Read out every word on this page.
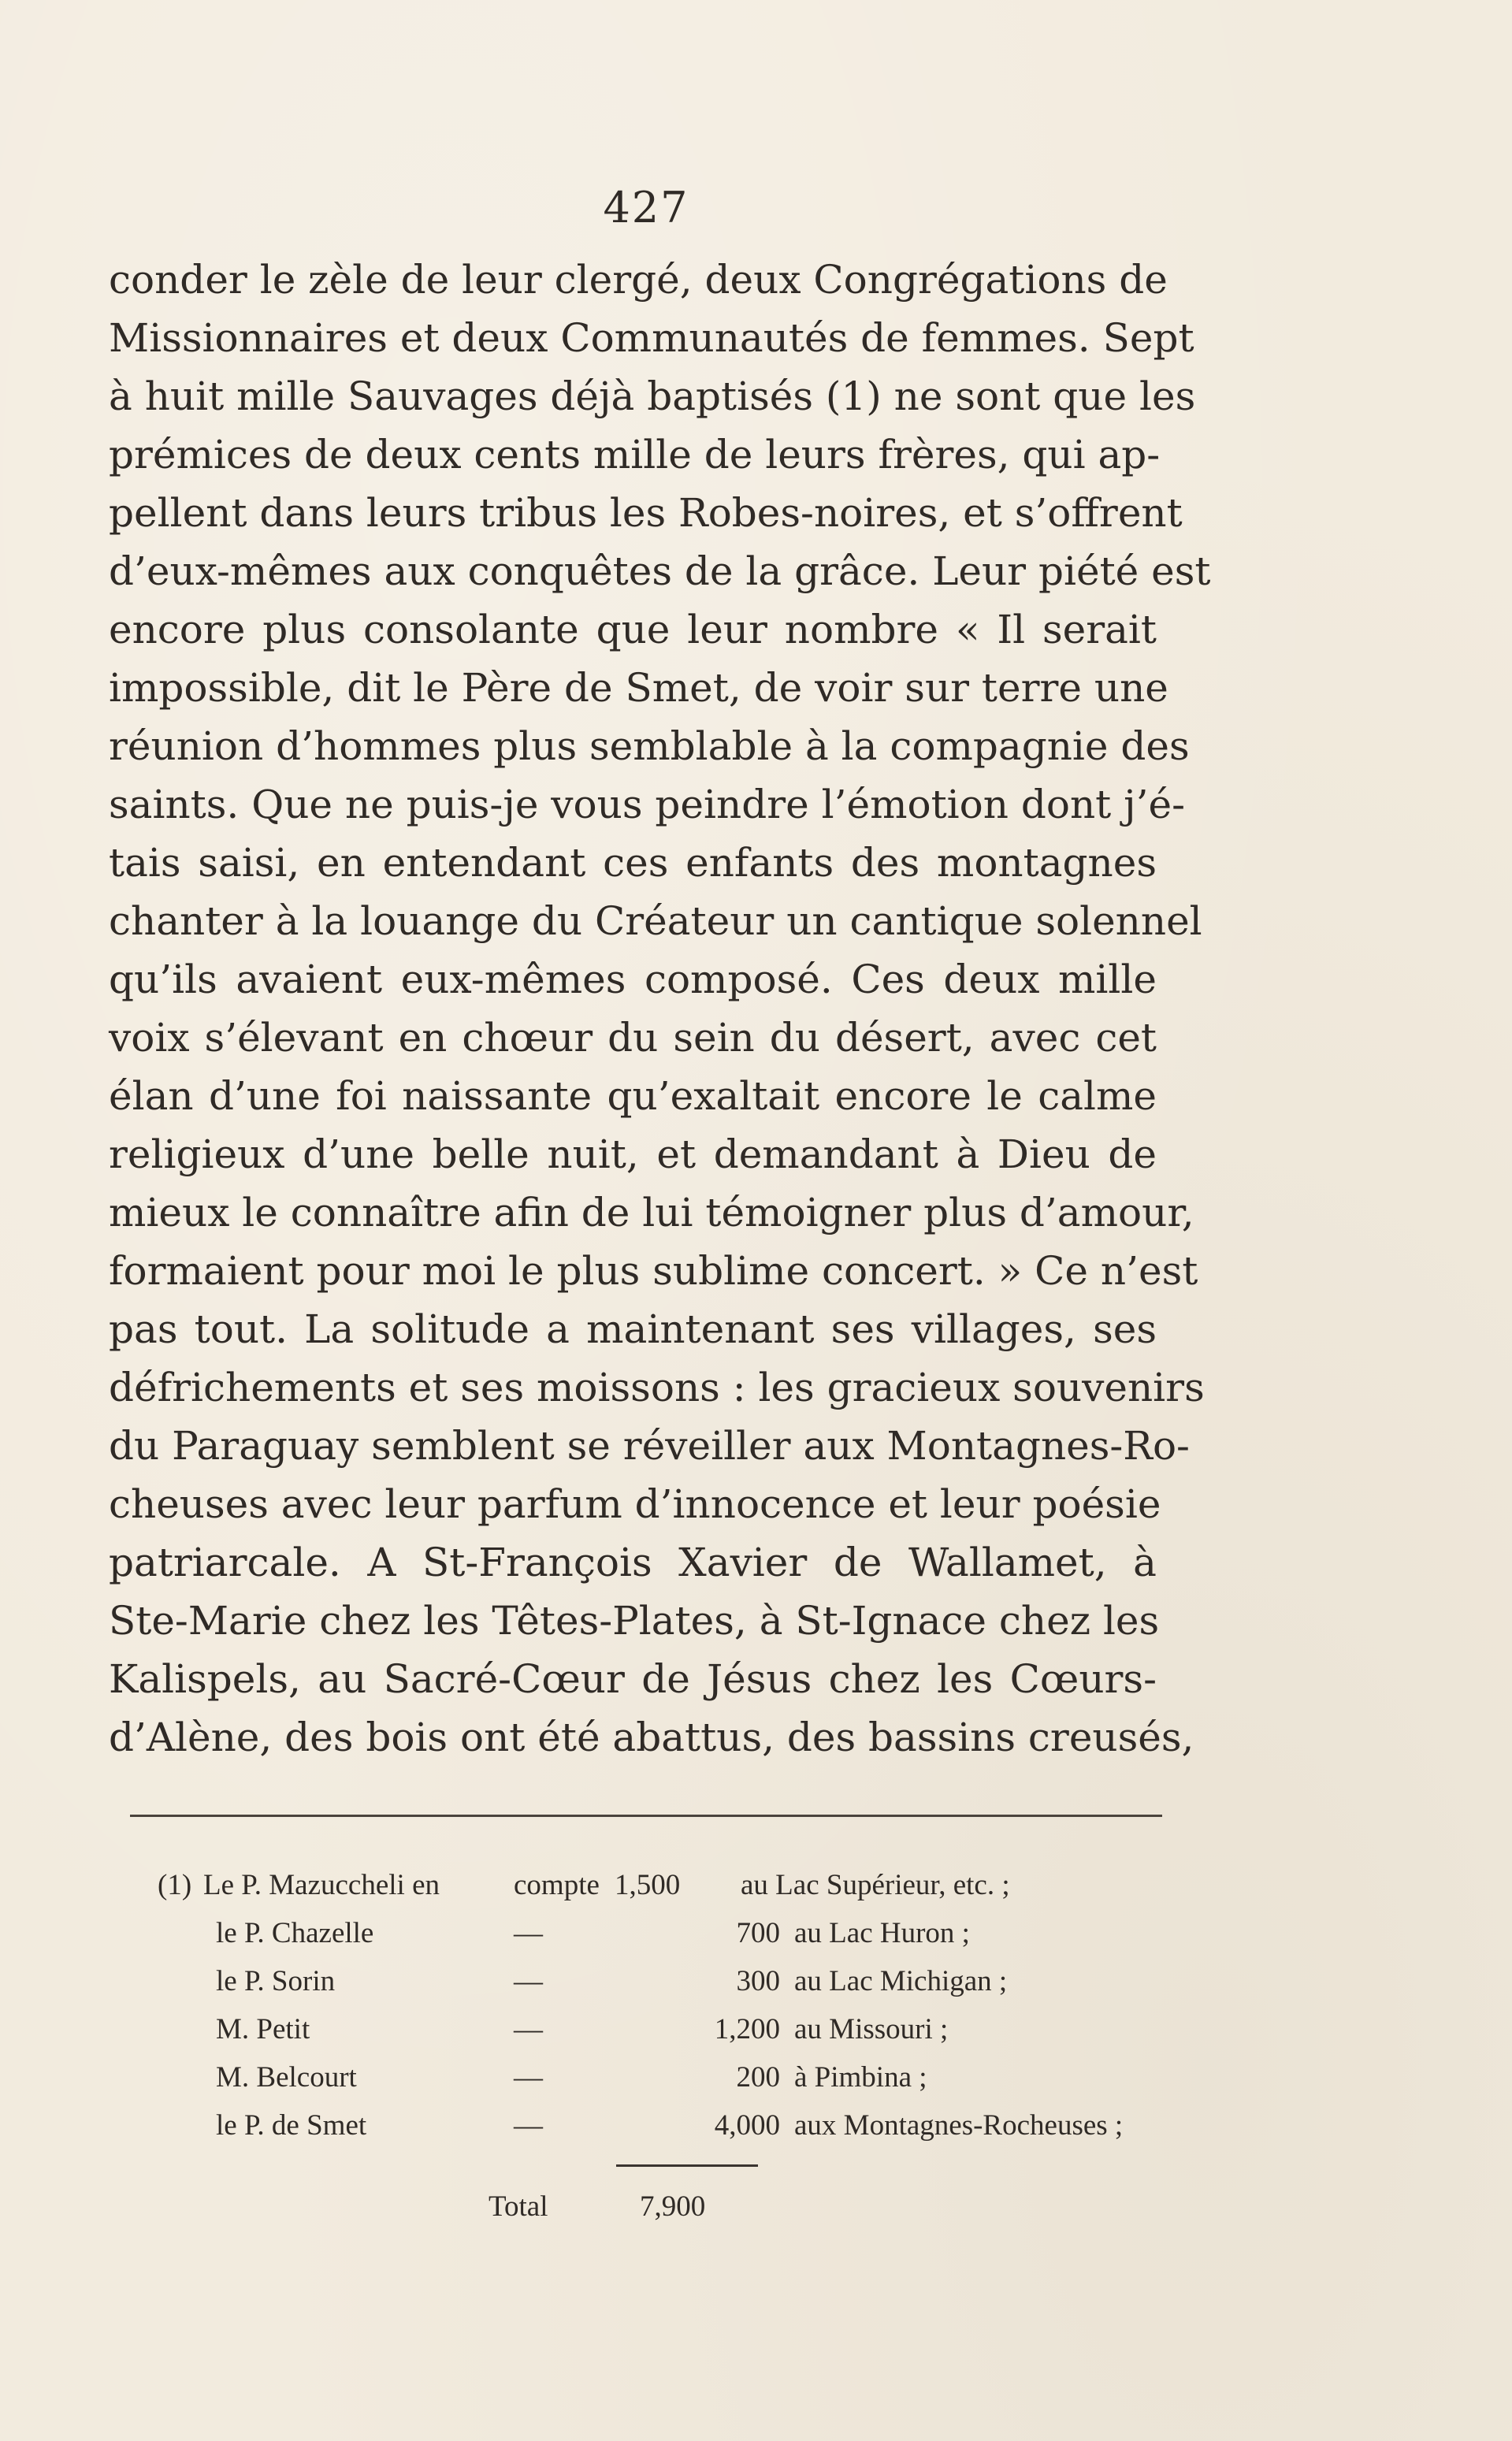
427
conder le zèle de leur clergé, deux Congrégations de
Missionnaires et deux Communautés de femmes. Sept
à huit mille Sauvages déjà baptisés (1) ne sont que les
prémices de deux cents mille de leurs frères, qui ap-
pellent dans leurs tribus les Robes-noires, et s’offrent
d’eux-mêmes aux conquêtes de la grâce. Leur piété est
encore plus consolante que leur nombre « Il serait
impossible, dit le Père de Smet, de voir sur terre une
réunion d’hommes plus semblable à la compagnie des
saints. Que ne puis-je vous peindre l’émotion dont j’é-
tais saisi, en entendant ces enfants des montagnes
chanter à la louange du Créateur un cantique solennel
qu’ils avaient eux-mêmes composé. Ces deux mille
voix s’élevant en chœur du sein du désert, avec cet
élan d’une foi naissante qu’exaltait encore le calme
religieux d’une belle nuit, et demandant à Dieu de
mieux le connaître afin de lui témoigner plus d’amour,
formaient pour moi le plus sublime concert. » Ce n’est
pas tout. La solitude a maintenant ses villages, ses
défrichements et ses moissons : les gracieux souvenirs
du Paraguay semblent se réveiller aux Montagnes-Ro-
cheuses avec leur parfum d’innocence et leur poésie
patriarcale. A St-François Xavier de Wallamet, à
Ste-Marie chez les Têtes-Plates, à St-Ignace chez les
Kalispels, au Sacré-Cœur de Jésus chez les Cœurs-
d’Alène, des bois ont été abattus, des bassins creusés,
(1) Le P. Mazuccheli en	compte 1,500 au Lac Supérieur, etc. ;
le P. Chazelle	—	700 au Lac Huron ;
le P. Sorin	—	300 au Lac Michigan ;
M. Petit	—	1,200 au Missouri ;
M. Belcourt	—	200 à Pimbina ;
le P. de Smet	—	4,000 aux Montagnes-Rocheuses ;
Total	7,900
